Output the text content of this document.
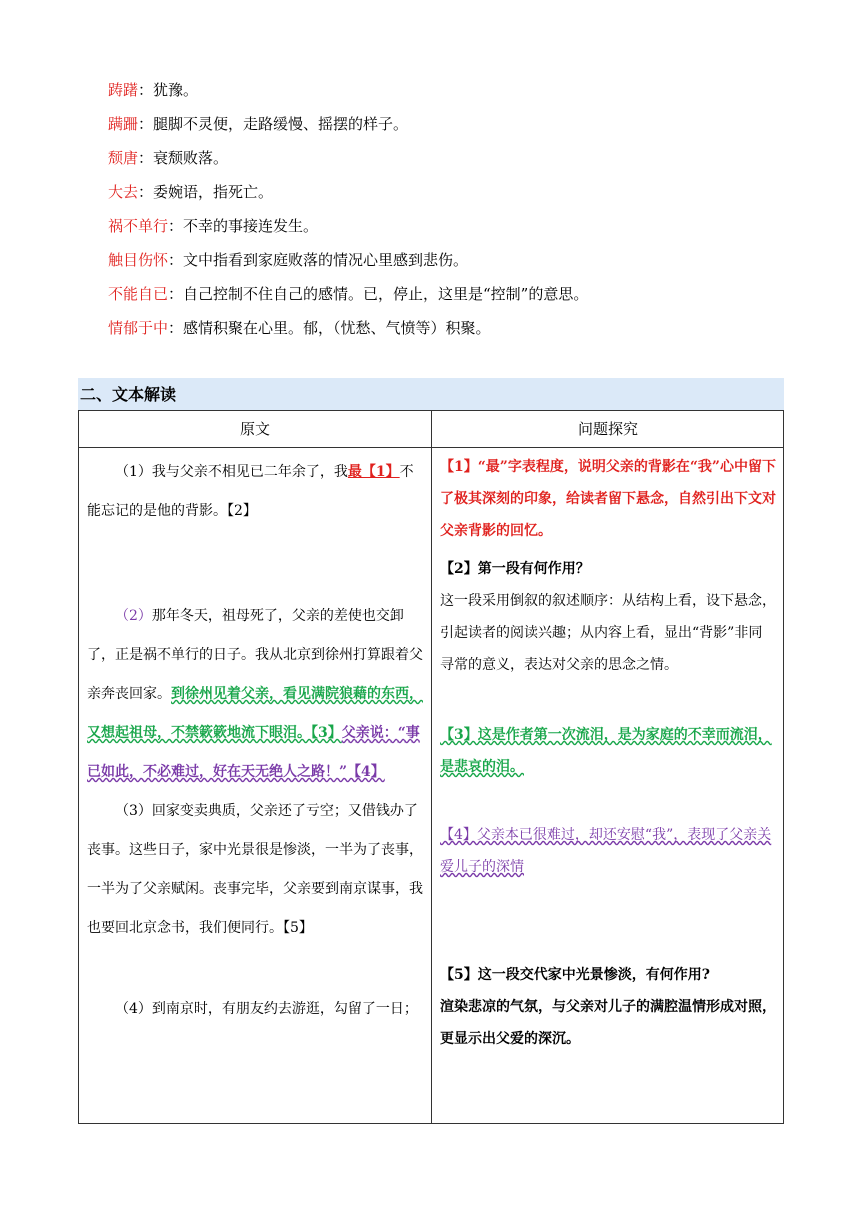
踌躇：犹豫。
蹒跚：腿脚不灵便，走路缓慢、摇摆的样子。
颓唐：衰颓败落。
大去：委婉语，指死亡。
祸不单行：不幸的事接连发生。
触目伤怀：文中指看到家庭败落的情况心里感到悲伤。
不能自已：自己控制不住自己的感情。已，停止，这里是“控制”的意思。
情郁于中：感情积聚在心里。郁，（忧愁、气愤等）积聚。
二、文本解读
原文	问题探究

（1）我与父亲不相见已二年余了，我最【1】不能忘记的是他的背影。【2】

（2）那年冬天，祖母死了，父亲的差使也交卸了，正是祸不单行的日子。我从北京到徐州打算跟着父亲奔丧回家。到徐州见着父亲，看见满院狼藉的东西，又想起祖母，不禁簌簌地流下眼泪。【3】父亲说：“事已如此，不必难过，好在天无绝人之路！”【4】

（3）回家变卖典质，父亲还了亏空；又借钱办了丧事。这些日子，家中光景很是惨淡，一半为了丧事，一半为了父亲赋闲。丧事完毕，父亲要到南京谋事，我也要回北京念书，我们便同行。【5】

（4）到南京时，有朋友约去游逛，勾留了一日；

【1】“最”字表程度，说明父亲的背影在“我”心中留下了极其深刻的印象，给读者留下悬念，自然引出下文对父亲背影的回忆。

【2】第一段有何作用？

这一段采用倒叙的叙述顺序：从结构上看，设下悬念，引起读者的阅读兴趣；从内容上看，显出“背影”非同寻常的意义，表达对父亲的思念之情。

【3】这是作者第一次流泪，是为家庭的不幸而流泪，是悲哀的泪。

【4】父亲本已很难过，却还安慰“我”，表现了父亲关爱儿子的深情

【5】这一段交代家中光景惨淡，有何作用?

渲染悲凉的气氛，与父亲对儿子的满腔温情形成对照，更显示出父爱的深沉。
